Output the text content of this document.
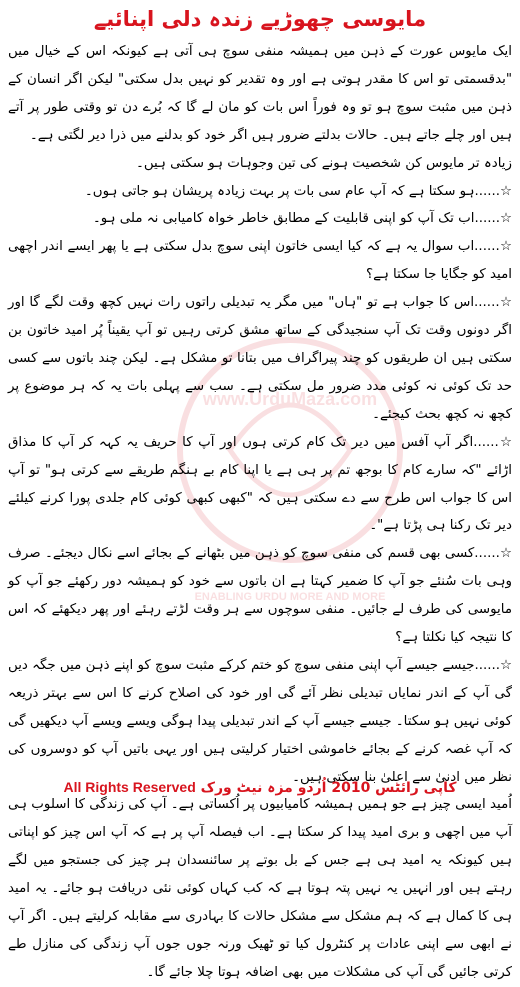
www.UrduMaza.com
ENABLING URDU MORE AND MORE
مایوسی چھوڑیے زندہ دلی اپنائیے

ایک مایوس عورت کے ذہن میں ہمیشہ منفی سوچ ہی آتی ہے کیونکہ اس کے خیال میں "بدقسمتی تو اس کا مقدر ہوتی ہے اور وہ تقدیر کو نہیں بدل سکتی" لیکن اگر انسان کے ذہن میں مثبت سوچ ہو تو وہ فوراً اس بات کو مان لے گا کہ بُرے دن تو وقتی طور پر آتے ہیں اور چلے جاتے ہیں۔ حالات بدلتے ضرور ہیں اگر خود کو بدلنے میں ذرا دیر لگتی ہے۔

زیادہ تر مایوس کن شخصیت ہونے کی تین وجوہات ہو سکتی ہیں۔

☆......ہو سکتا ہے کہ آپ عام سی بات پر بہت زیادہ پریشان ہو جاتی ہوں۔

☆......اب تک آپ کو اپنی قابلیت کے مطابق خاطر خواہ کامیابی نہ ملی ہو۔

☆......اب سوال یہ ہے کہ کیا ایسی خاتون اپنی سوچ بدل سکتی ہے یا پھر ایسے اندر اچھی امید کو جگایا جا سکتا ہے؟

☆......اس کا جواب ہے تو "ہاں" میں مگر یہ تبدیلی راتوں رات نہیں کچھ وقت لگے گا اور اگر دونوں وقت تک آپ سنجیدگی کے ساتھ مشق کرتی رہیں تو آپ یقیناً پُر امید خاتون بن سکتی ہیں ان طریقوں کو چند پیراگراف میں بتانا تو مشکل ہے۔ لیکن چند باتوں سے کسی حد تک کوئی نہ کوئی مدد ضرور مل سکتی ہے۔ سب سے پہلی بات یہ کہ ہر موضوع پر کچھ نہ کچھ بحث کیجئے۔

☆......اگر آپ آفس میں دیر تک کام کرتی ہوں اور آپ کا حریف یہ کہہ کر آپ کا مذاق اڑائے "کہ سارے کام کا بوجھ تم پر ہی ہے یا اپنا کام بے ہنگم طریقے سے کرتی ہو" تو آپ اس کا جواب اس طرح سے دے سکتی ہیں کہ "کبھی کبھی کوئی کام جلدی پورا کرنے کیلئے دیر تک رکنا ہی پڑتا ہے"۔

☆......کسی بھی قسم کی منفی سوچ کو ذہن میں بٹھانے کے بجائے اسے نکال دیجئے۔ صرف وہی بات سُنئے جو آپ کا ضمیر کہتا ہے ان باتوں سے خود کو ہمیشہ دور رکھئے جو آپ کو مایوسی کی طرف لے جائیں۔ منفی سوچوں سے ہر وقت لڑتے رہئے اور پھر دیکھئے کہ اس کا نتیجہ کیا نکلتا ہے؟

☆......جیسے جیسے آپ اپنی منفی سوچ کو ختم کرکے مثبت سوچ کو اپنے ذہن میں جگہ دیں گی آپ کے اندر نمایاں تبدیلی نظر آئے گی اور خود کی اصلاح کرنے کا اس سے بہتر ذریعہ کوئی نہیں ہو سکتا۔ جیسے جیسے آپ کے اندر تبدیلی پیدا ہوگی ویسے ویسے آپ دیکھیں گی کہ آپ غصہ کرنے کے بجائے خاموشی اختیار کرلیتی ہیں اور یہی باتیں آپ کو دوسروں کی نظر میں ادنیٰ سے اعلیٰ بنا سکتی ہیں۔

اُمید ایسی چیز ہے جو ہمیں ہمیشہ کامیابیوں پر اُکساتی ہے۔ آپ کی زندگی کا اسلوب ہی آپ میں اچھی و بری امید پیدا کر سکتا ہے۔ اب فیصلہ آپ پر ہے کہ آپ اس چیز کو اپناتی ہیں کیونکہ یہ امید ہی ہے جس کے بل بوتے پر سائنسدان ہر چیز کی جستجو میں لگے رہتے ہیں اور انہیں یہ نہیں پتہ ہوتا ہے کہ کب کہاں کوئی نئی دریافت ہو جائے۔ یہ امید ہی کا کمال ہے کہ ہم مشکل سے مشکل حالات کا بہادری سے مقابلہ کرلیتے ہیں۔ اگر آپ نے ابھی سے اپنی عادات پر کنٹرول کیا تو ٹھیک ورنہ جوں جوں آپ زندگی کی منازل طے کرتی جائیں گی آپ کی مشکلات میں بھی اضافہ ہوتا چلا جائے گا۔

All Rights Reserved کاپی رائٹس 2010 اُردو مزہ نیٹ ورک
